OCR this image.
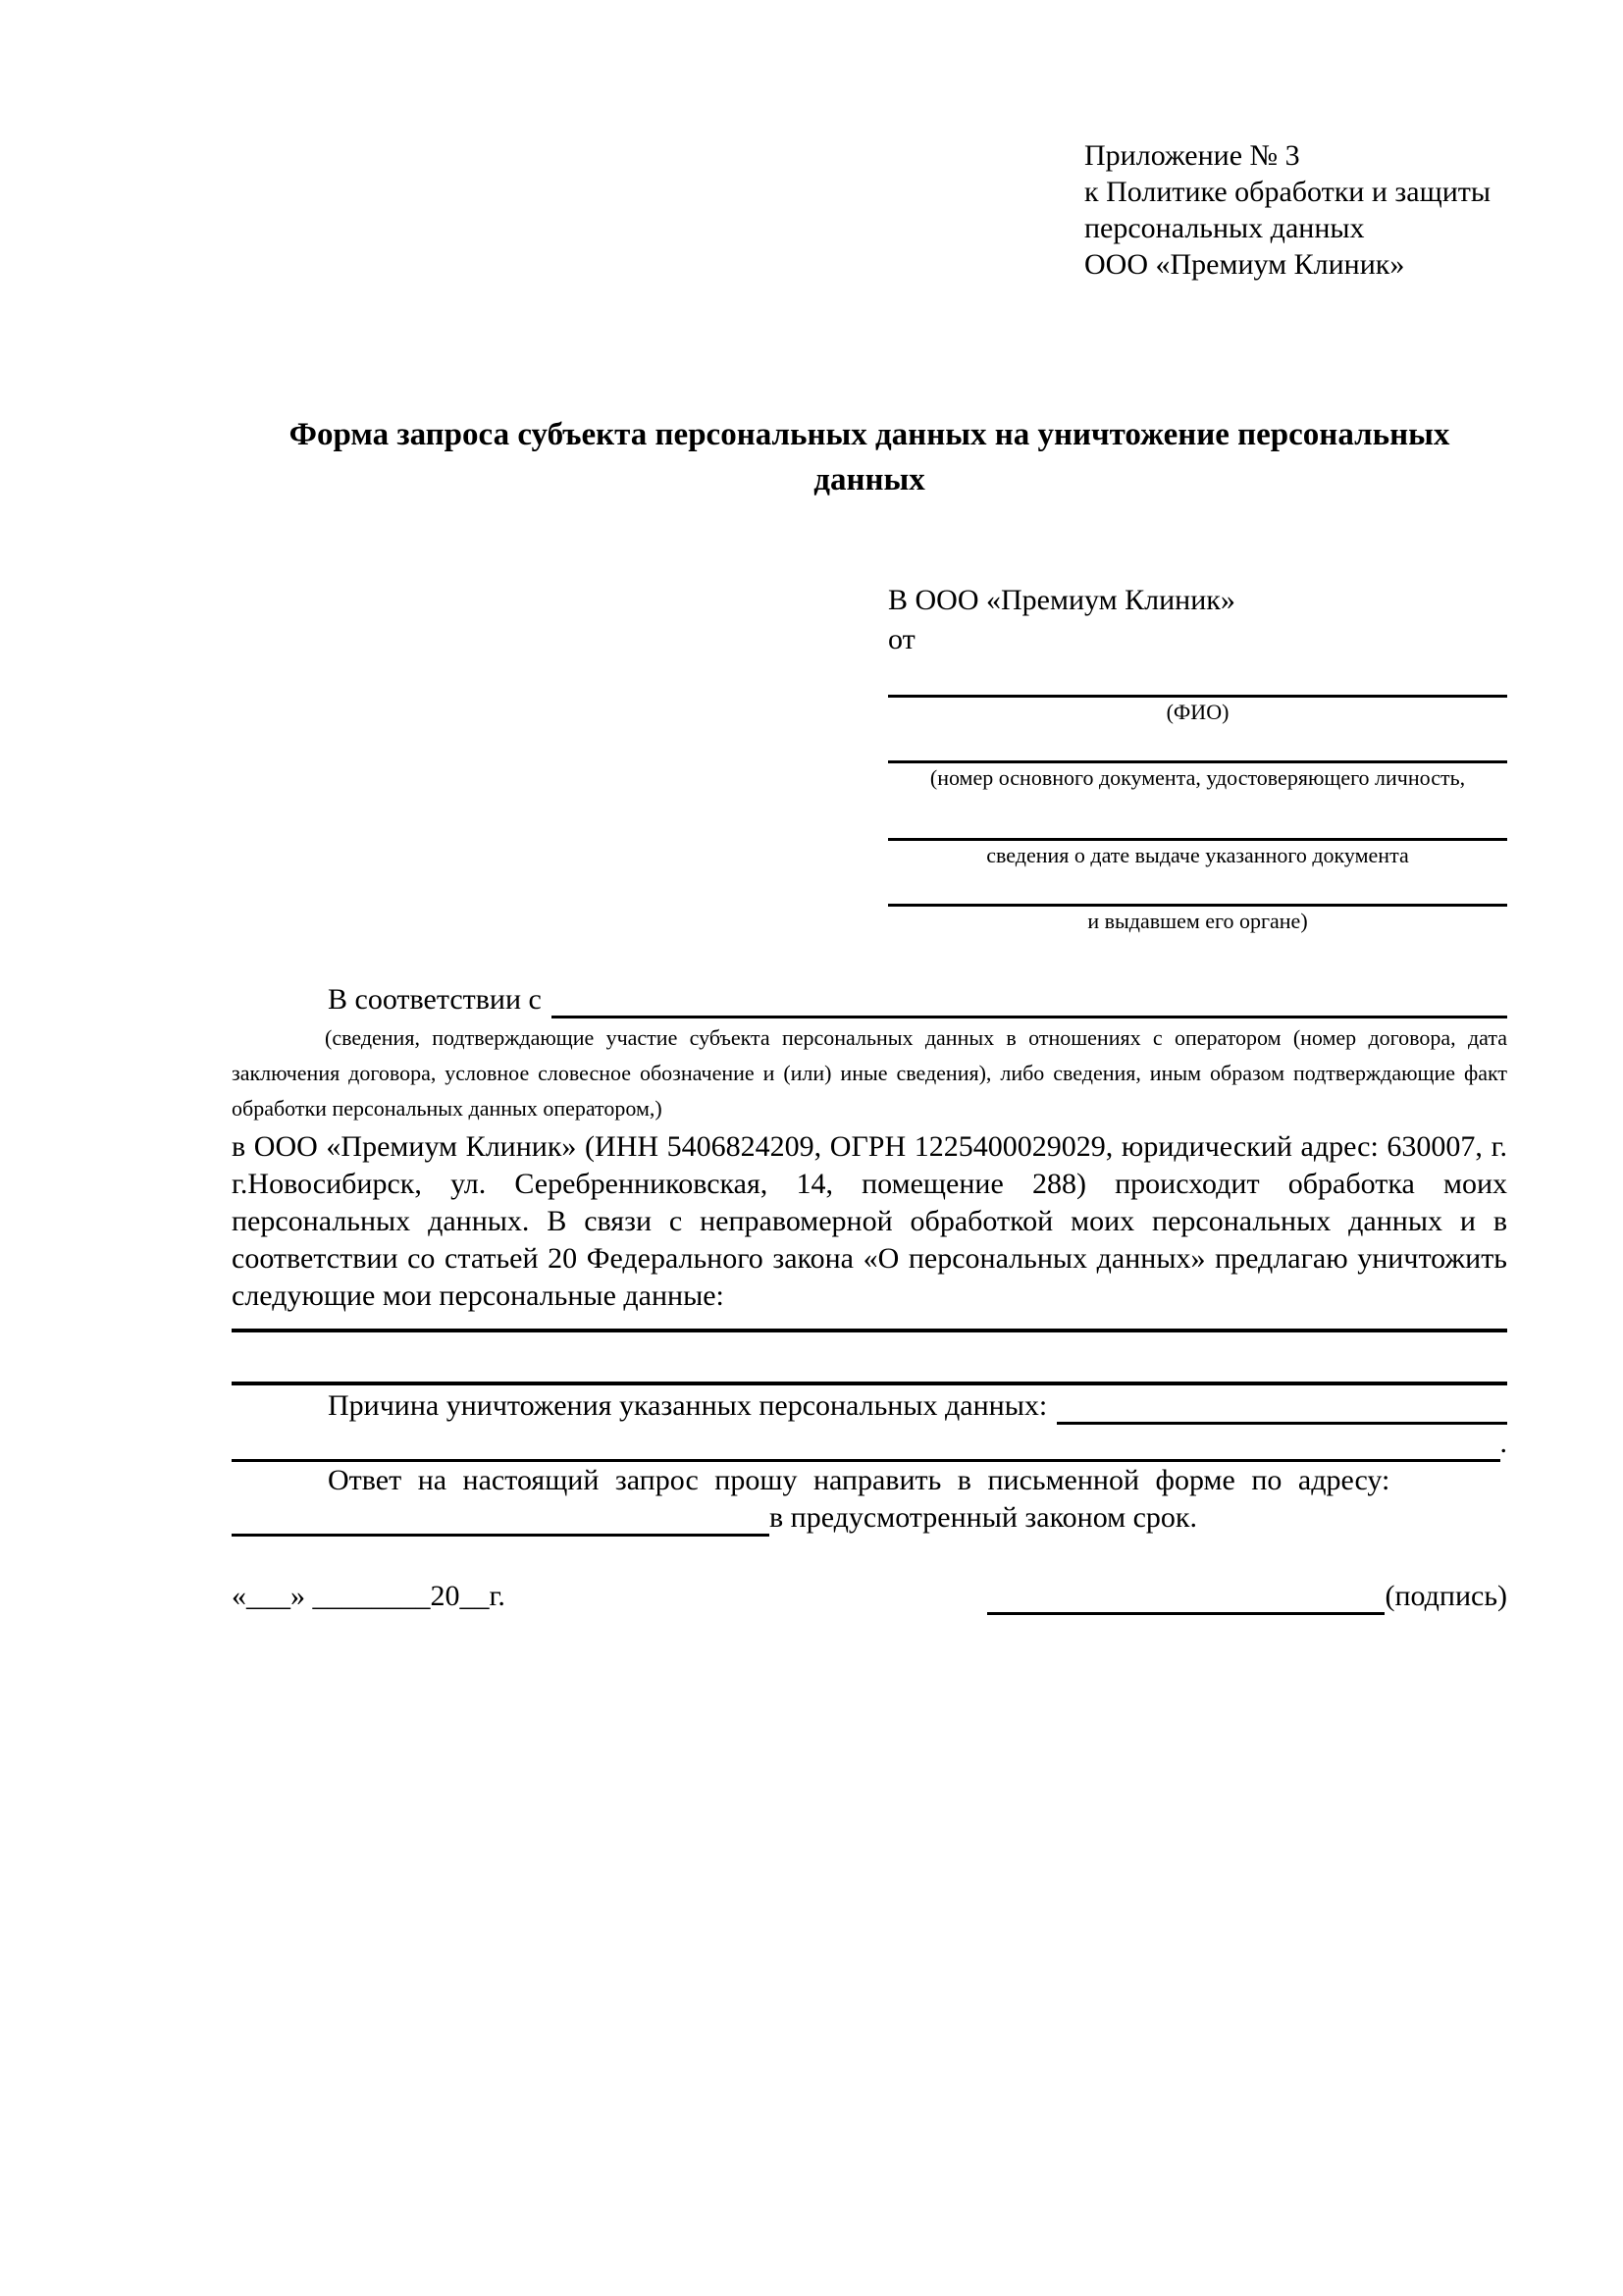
Приложение № 3
к Политике обработки и защиты
персональных данных
ООО «Премиум Клиник»
Форма запроса субъекта персональных данных на уничтожение персональных данных
В ООО «Премиум Клиник»
от
(ФИО)
(номер основного документа, удостоверяющего личность,
сведения о дате выдаче указанного документа
и выдавшем его органе)
В соответствии с

(сведения, подтверждающие участие субъекта персональных данных в отношениях с оператором (номер договора, дата заключения договора, условное словесное обозначение и (или) иные сведения), либо сведения, иным образом подтверждающие факт обработки персональных данных оператором,)

в ООО «Премиум Клиник» (ИНН 5406824209, ОГРН 1225400029029, юридический адрес: 630007, г. г.Новосибирск, ул. Серебренниковская, 14, помещение 288) происходит обработка моих персональных данных. В связи с неправомерной обработкой моих персональных данных и в соответствии со статьей 20 Федерального закона «О персональных данных» предлагаю уничтожить следующие мои персональные данные:

Причина уничтожения указанных персональных данных:
.

Ответ на настоящий запрос прошу направить в письменной форме по адресу:

в предусмотренный законом срок.
«___» ________20__г.	(подпись)
